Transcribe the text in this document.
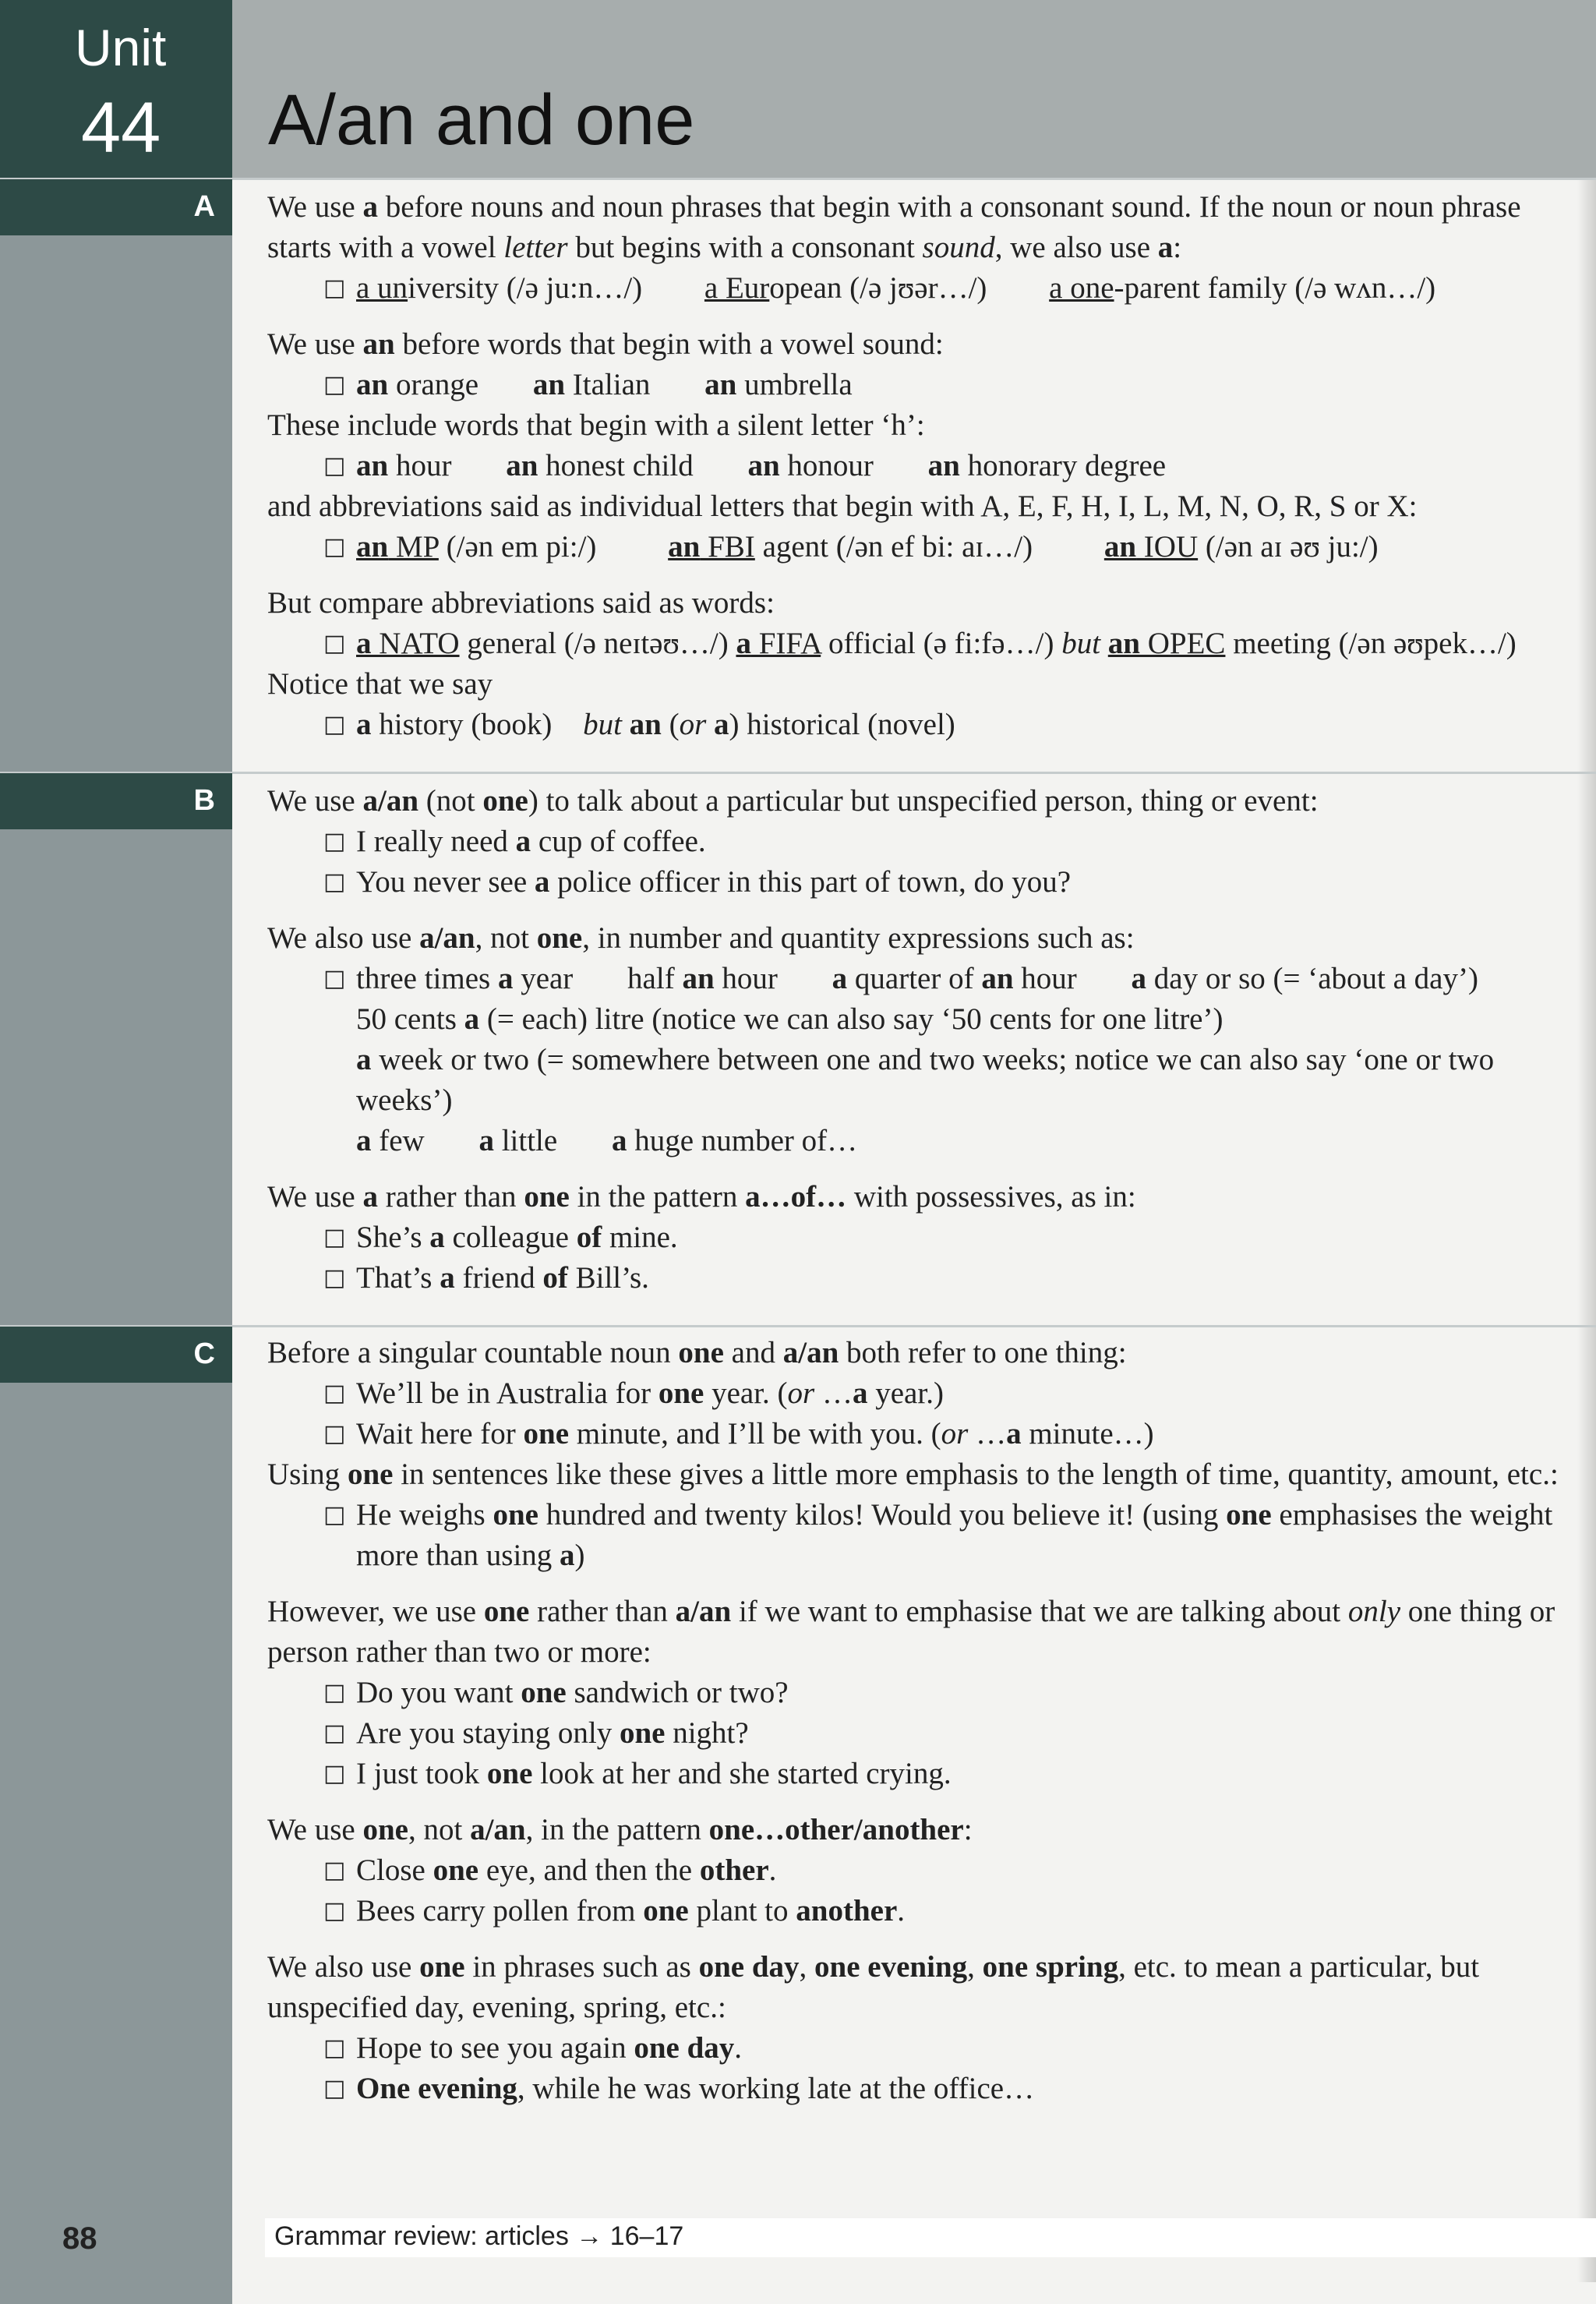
A/an and one
Unit
44
A We use a before nouns and noun phrases that begin with a consonant sound. If the noun or noun phrase starts with a vowel letter but begins with a consonant sound, we also use a:

□ a university (/ə ju:n…/) a European (/ə jʊər…/) a one-parent family (/ə wʌn…/)

We use an before words that begin with a vowel sound:

□ an orange an Italian an umbrella

These include words that begin with a silent letter ‘h’:

□ an hour an honest child an honour an honorary degree

and abbreviations said as individual letters that begin with A, E, F, H, I, L, M, N, O, R, S or X:

□ an MP (/ən em pi:/) an FBI agent (/ən ef bi: aɪ…/) an IOU (/ən aɪ əʊ ju:/)

But compare abbreviations said as words:

□ a NATO general (/ə neɪtəʊ…/) a FIFA official (ə fi:fə…/) but an OPEC meeting (/ən əʊpek…/)

Notice that we say

□ a history (book) but an (or a) historical (novel)

B We use a/an (not one) to talk about a particular but unspecified person, thing or event:

□ I really need a cup of coffee.

□ You never see a police officer in this part of town, do you?

We also use a/an, not one, in number and quantity expressions such as:

□ three times a year half an hour a quarter of an hour a day or so (= ‘about a day’)

50 cents a (= each) litre (notice we can also say ‘50 cents for one litre’)

a week or two (= somewhere between one and two weeks; notice we can also say ‘one or two weeks’)

a few a little a huge number of…

We use a rather than one in the pattern a…of… with possessives, as in:

□ She’s a colleague of mine.

□ That’s a friend of Bill’s.

C Before a singular countable noun one and a/an both refer to one thing:

□ We’ll be in Australia for one year. (or …a year.)

□ Wait here for one minute, and I’ll be with you. (or …a minute…)

Using one in sentences like these gives a little more emphasis to the length of time, quantity, amount, etc.:

□ He weighs one hundred and twenty kilos! Would you believe it! (using one emphasises the weight more than using a)

However, we use one rather than a/an if we want to emphasise that we are talking about only one thing or person rather than two or more:

□ Do you want one sandwich or two?

□ Are you staying only one night?

□ I just took one look at her and she started crying.

We use one, not a/an, in the pattern one…other/another:

□ Close one eye, and then the other.

□ Bees carry pollen from one plant to another.

We also use one in phrases such as one day, one evening, one spring, etc. to mean a particular, but unspecified day, evening, spring, etc.:

□ Hope to see you again one day.

□ One evening, while he was working late at the office…

Grammar review: articles → 16–17
88
